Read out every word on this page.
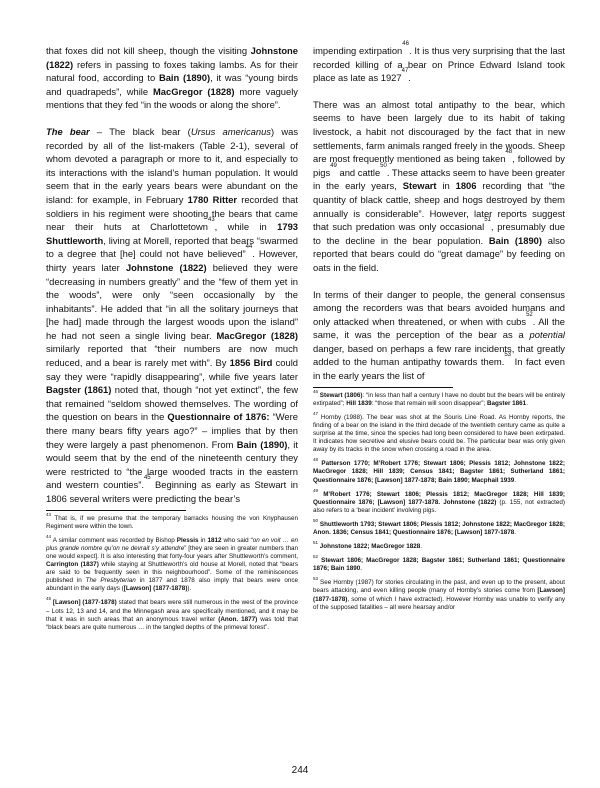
that foxes did not kill sheep, though the visiting Johnstone (1822) refers in passing to foxes taking lambs. As for their natural food, according to Bain (1890), it was “young birds and quadrapeds”, while MacGregor (1828) more vaguely mentions that they fed “in the woods or along the shore”.

The bear – The black bear (Ursus americanus) was recorded by all of the list-makers (Table 2-1), several of whom devoted a paragraph or more to it, and especially to its interactions with the island’s human population. It would seem that in the early years bears were abundant on the island: for example, in February 1780 Ritter recorded that soldiers in his regiment were shooting the bears that came near their huts at Charlottetown$^{43}$, while in 1793 Shuttleworth, living at Morell, reported that bears “swarmed to a degree that [he] could not have believed”$^{44}$. However, thirty years later Johnstone (1822) believed they were “decreasing in numbers greatly” and the “few of them yet in the woods”, were only “seen occasionally by the inhabitants”. He added that “in all the solitary journeys that [he had] made through the largest woods upon the island” he had not seen a single living bear. MacGregor (1828) similarly reported that “their numbers are now much reduced, and a bear is rarely met with”. By 1856 Bird could say they were “rapidly disappearing”, while five years later Bagster (1861) noted that, though “not yet extinct”, the few that remained “seldom showed themselves. The wording of the question on bears in the Questionnaire of 1876: “Were there many bears fifty years ago?” – implies that by then they were largely a past phenomenon. From Bain (1890), it would seem that by the end of the nineteenth century they were restricted to “the large wooded tracts in the eastern and western counties”.$^{45}$ Beginning as early as Stewart in 1806 several writers were predicting the bear’s

$^{43}$ That is, if we presume that the temporary barracks housing the von Knyphausen Regiment were within the town.

$^{44}$ A similar comment was recorded by Bishop Plessis in 1812 who said “on en voit … en plus grande nombre qu’on ne devrait s’y attendre” [they are seen in greater numbers than one would expect]. It is also interesting that forty-four years after Shuttleworth’s comment, Carrington (1837) while staying at Shuttleworth’s old house at Morell, noted that “bears are said to be frequently seen in this neighbourhood”. Some of the reminiscences published in The Presbyterian in 1877 and 1878 also imply that bears were once abundant in the early days ([Lawson] (1877-1878)).

$^{45}$ [Lawson] (1877-1878) stated that bears were still numerous in the west of the province – Lots 12, 13 and 14, and the Minnegash area are specifically mentioned, and it may be that it was in such areas that an anonymous travel writer (Anon. 1877) was told that “black bears are quite numerous … in the tangled depths of the primeval forest”.

impending extirpation$^{46}$. It is thus very surprising that the last recorded killing of a bear on Prince Edward Island took place as late as 1927$^{47}$.

There was an almost total antipathy to the bear, which seems to have been largely due to its habit of taking livestock, a habit not discouraged by the fact that in new settlements, farm animals ranged freely in the woods. Sheep are most frequently mentioned as being taken$^{48}$, followed by pigs$^{49}$ and cattle$^{50}$. These attacks seem to have been greater in the early years, Stewart in 1806 recording that “the quantity of black cattle, sheep and hogs destroyed by them annually is considerable”. However, later reports suggest that such predation was only occasional$^{51}$, presumably due to the decline in the bear population. Bain (1890) also reported that bears could do “great damage” by feeding on oats in the field.

In terms of their danger to people, the general consensus among the recorders was that bears avoided humans and only attacked when threatened, or when with cubs$^{52}$. All the same, it was the perception of the bear as a potential danger, based on perhaps a few rare incidents, that greatly added to the human antipathy towards them.$^{53}$ In fact even in the early years the list of

$^{46}$ Stewart (1806): “in less than half a century I have no doubt but the bears will be entirely extirpated”; Hill 1839: “those that remain will soon disappear”; Bagster 1861.

$^{47}$ Hornby (1988). The bear was shot at the Souris Line Road. As Hornby reports, the finding of a bear on the island in the third decade of the twentieth century came as quite a surprise at the time, since the species had long been considered to have been extirpated. It indicates how secretive and elusive bears could be. The particular bear was only given away by its tracks in the snow when crossing a road in the area.

$^{48}$ Patterson 1770; M’Robert 1776; Stewart 1806; Plessis 1812; Johnstone 1822; MacGregor 1828; Hill 1839; Census 1841; Bagster 1861; Sutherland 1861; Questionnaire 1876; [Lawson] 1877-1878; Bain 1890; Macphail 1939.

$^{49}$ M’Robert 1776; Stewart 1806; Plessis 1812; MacGregor 1828; Hill 1839; Questionnaire 1876; [Lawson] 1877-1878. Johnstone (1822) (p. 155, not extracted) also refers to a ‘bear incident’ involving pigs.

$^{50}$ Shuttleworth 1793; Stewart 1806; Plessis 1812; Johnstone 1822; MacGregor 1828; Anon. 1836; Census 1841; Questionnaire 1876; [Lawson] 1877-1878.

$^{51}$ Johnstone 1822; MacGregor 1828.

$^{52}$ Stewart 1806; MacGregor 1828; Bagster 1861; Sutherland 1861; Questionnaire 1876; Bain 1890.

$^{53}$ See Hornby (1987) for stories circulating in the past, and even up to the present, about bears attacking, and even killing people (many of Hornby’s stories come from [Lawson] (1877-1878), some of which I have extracted). However Hornby was unable to verify any of the supposed fatalities – all were hearsay and/or

244
